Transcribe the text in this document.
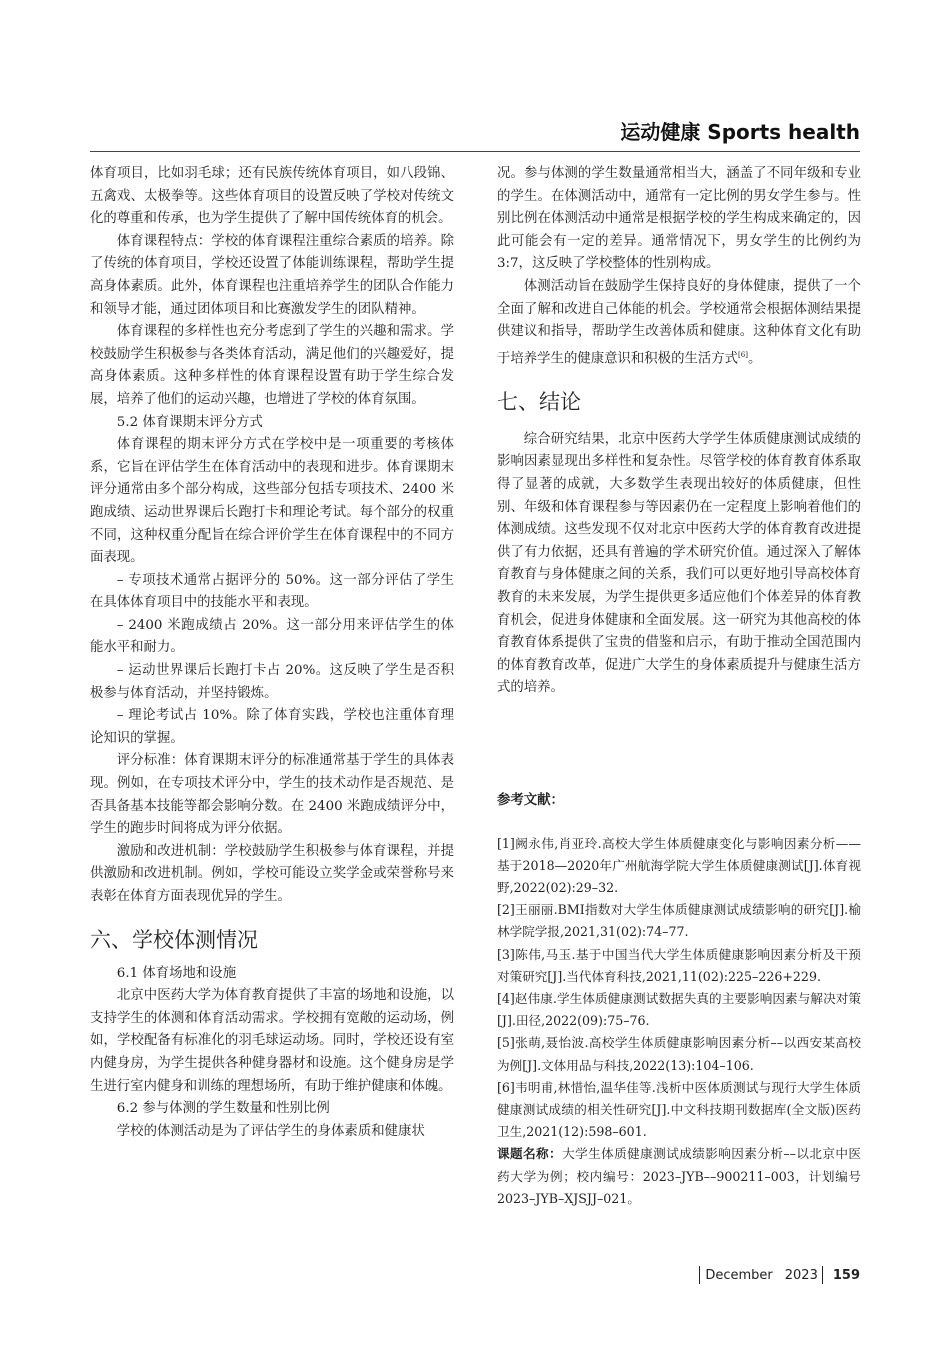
运动健康 Sports health

体育项目，比如羽毛球；还有民族传统体育项目，如八段锦、五禽戏、太极拳等。这些体育项目的设置反映了学校对传统文化的尊重和传承，也为学生提供了了解中国传统体育的机会。

体育课程特点：学校的体育课程注重综合素质的培养。除了传统的体育项目，学校还设置了体能训练课程，帮助学生提高身体素质。此外，体育课程也注重培养学生的团队合作能力和领导才能，通过团体项目和比赛激发学生的团队精神。

体育课程的多样性也充分考虑到了学生的兴趣和需求。学校鼓励学生积极参与各类体育活动，满足他们的兴趣爱好，提高身体素质。这种多样性的体育课程设置有助于学生综合发展，培养了他们的运动兴趣，也增进了学校的体育氛围。

5.2 体育课期末评分方式

体育课程的期末评分方式在学校中是一项重要的考核体系，它旨在评估学生在体育活动中的表现和进步。体育课期末评分通常由多个部分构成，这些部分包括专项技术、2400 米跑成绩、运动世界课后长跑打卡和理论考试。每个部分的权重不同，这种权重分配旨在综合评价学生在体育课程中的不同方面表现。

– 专项技术通常占据评分的 50%。这一部分评估了学生在具体体育项目中的技能水平和表现。

– 2400 米跑成绩占 20%。这一部分用来评估学生的体能水平和耐力。

– 运动世界课后长跑打卡占 20%。这反映了学生是否积极参与体育活动，并坚持锻炼。

– 理论考试占 10%。除了体育实践，学校也注重体育理论知识的掌握。

评分标准：体育课期末评分的标准通常基于学生的具体表现。例如，在专项技术评分中，学生的技术动作是否规范、是否具备基本技能等都会影响分数。在 2400 米跑成绩评分中，学生的跑步时间将成为评分依据。

激励和改进机制：学校鼓励学生积极参与体育课程，并提供激励和改进机制。例如，学校可能设立奖学金或荣誉称号来表彰在体育方面表现优异的学生。

六、学校体测情况

6.1 体育场地和设施

北京中医药大学为体育教育提供了丰富的场地和设施，以支持学生的体测和体育活动需求。学校拥有宽敞的运动场，例如，学校配备有标准化的羽毛球运动场。同时，学校还设有室内健身房，为学生提供各种健身器材和设施。这个健身房是学生进行室内健身和训练的理想场所，有助于维护健康和体魄。

6.2 参与体测的学生数量和性别比例

学校的体测活动是为了评估学生的身体素质和健康状

况。参与体测的学生数量通常相当大，涵盖了不同年级和专业的学生。在体测活动中，通常有一定比例的男女学生参与。性别比例在体测活动中通常是根据学校的学生构成来确定的，因此可能会有一定的差异。通常情况下，男女学生的比例约为 3:7，这反映了学校整体的性别构成。

体测活动旨在鼓励学生保持良好的身体健康，提供了一个全面了解和改进自己体能的机会。学校通常会根据体测结果提供建议和指导，帮助学生改善体质和健康。这种体育文化有助于培养学生的健康意识和积极的生活方式[6]。

七、结论

综合研究结果，北京中医药大学学生体质健康测试成绩的影响因素显现出多样性和复杂性。尽管学校的体育教育体系取得了显著的成就，大多数学生表现出较好的体质健康，但性别、年级和体育课程参与等因素仍在一定程度上影响着他们的体测成绩。这些发现不仅对北京中医药大学的体育教育改进提供了有力依据，还具有普遍的学术研究价值。通过深入了解体育教育与身体健康之间的关系，我们可以更好地引导高校体育教育的未来发展，为学生提供更多适应他们个体差异的体育教育机会，促进身体健康和全面发展。这一研究为其他高校的体育教育体系提供了宝贵的借鉴和启示，有助于推动全国范围内的体育教育改革，促进广大学生的身体素质提升与健康生活方式的培养。

参考文献：

[1]阙永伟,肖亚玲.高校大学生体质健康变化与影响因素分析——基于2018—2020年广州航海学院大学生体质健康测试[J].体育视野,2022(02):29–32.

[2]王丽丽.BMI指数对大学生体质健康测试成绩影响的研究[J].榆林学院学报,2021,31(02):74–77.

[3]陈伟,马玉.基于中国当代大学生体质健康影响因素分析及干预对策研究[J].当代体育科技,2021,11(02):225–226+229.

[4]赵伟康.学生体质健康测试数据失真的主要影响因素与解决对策[J].田径,2022(09):75–76.

[5]张萌,聂怡波.高校学生体质健康影响因素分析––以西安某高校为例[J].文体用品与科技,2022(13):104–106.

[6]韦明甫,林惜怡,温华佳等.浅析中医体质测试与现行大学生体质健康测试成绩的相关性研究[J].中文科技期刊数据库(全文版)医药卫生,2021(12):598–601.

课题名称：大学生体质健康测试成绩影响因素分析––以北京中医药大学为例；校内编号：2023–JYB––900211–003，计划编号2023–JYB–XJSJJ–021。

December 2023 159
